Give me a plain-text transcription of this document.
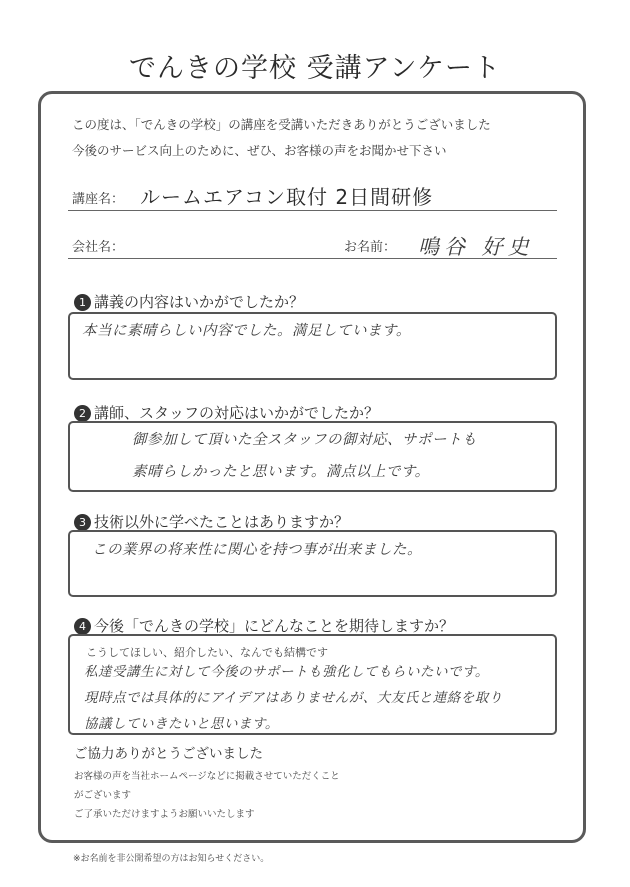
でんきの学校 受講アンケート
この度は、「でんきの学校」の講座を受講いただきありがとうございました
今後のサービス向上のために、ぜひ、お客様の声をお聞かせ下さい
講座名： ルームエアコン取付 2日間研修
会社名：	お名前： 鳴谷 好史
1 講義の内容はいかがでしたか？
本当に素晴らしい内容でした。満足しています。
2 講師、スタッフの対応はいかがでしたか？
御参加して頂いた全スタッフの御対応、サポートも
素晴らしかったと思います。満点以上です。
3 技術以外に学べたことはありますか？
この業界の将来性に関心を持つ事が出来ました。
4 今後「でんきの学校」にどんなことを期待しますか？
こうしてほしい、紹介したい、なんでも結構です
私達受講生に対して今後のサポートも強化してもらいたいです。
現時点では具体的にアイデアはありませんが、大友氏と連絡を取り
協議していきたいと思います。
ご協力ありがとうございました
お客様の声を当社ホームページなどに掲載させていただくこと
がございます
ご了承いただけますようお願いいたします
※お名前を非公開希望の方はお知らせください。
